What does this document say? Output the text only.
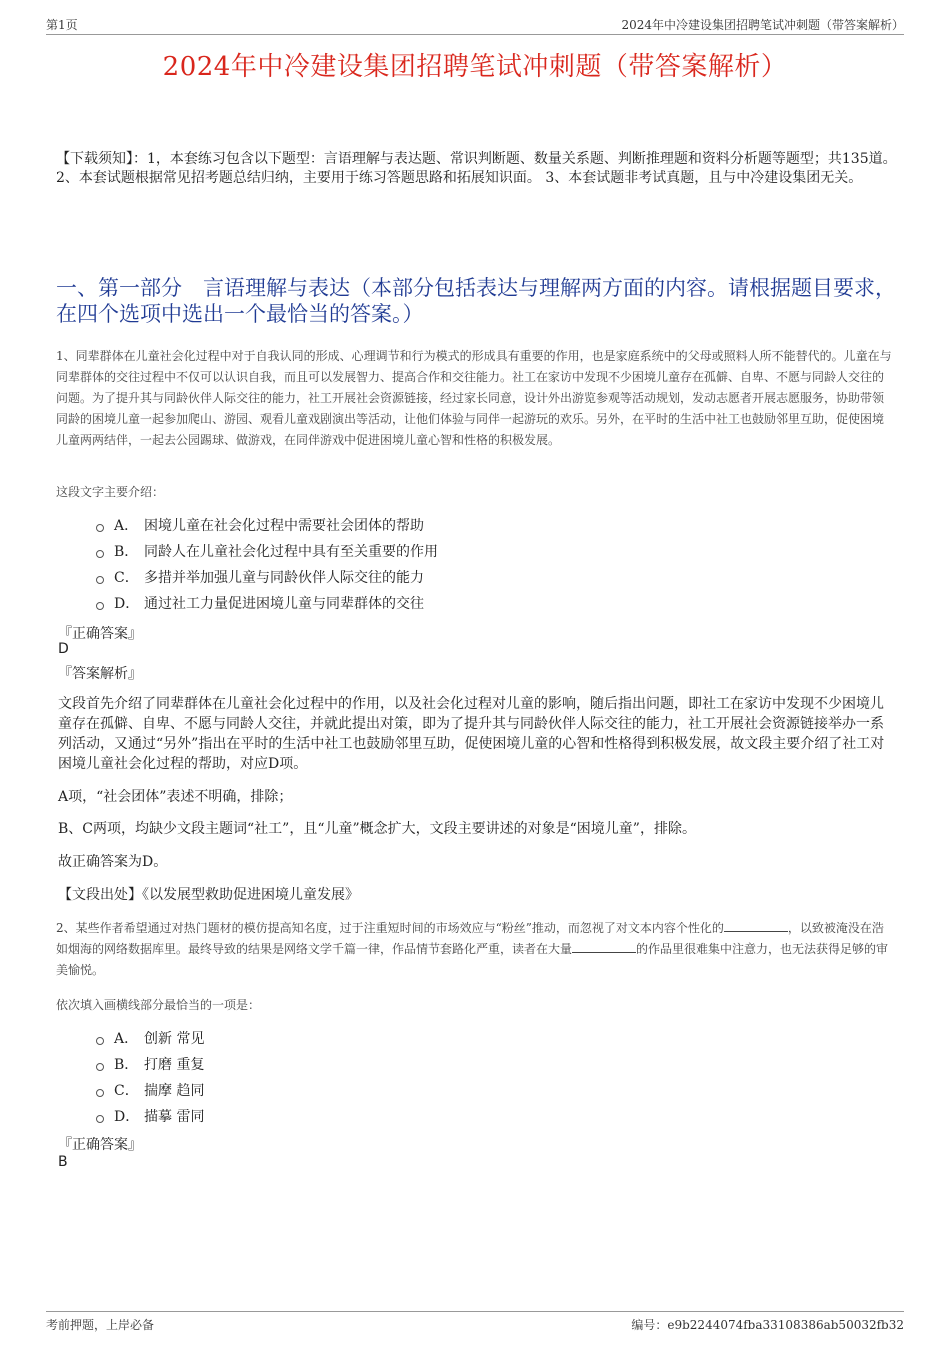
第1页	2024年中冷建设集团招聘笔试冲刺题（带答案解析）
2024年中冷建设集团招聘笔试冲刺题（带答案解析）
【下载须知】：1，本套练习包含以下题型：言语理解与表达题、常识判断题、数量关系题、判断推理题和资料分析题等题型；共135道。 2、本套试题根据常见招考题总结归纳，主要用于练习答题思路和拓展知识面。 3、本套试题非考试真题，且与中冷建设集团无关。
一、第一部分　言语理解与表达（本部分包括表达与理解两方面的内容。请根据题目要求，在四个选项中选出一个最恰当的答案。）
1、同辈群体在儿童社会化过程中对于自我认同的形成、心理调节和行为模式的形成具有重要的作用，也是家庭系统中的父母或照料人所不能替代的。儿童在与同辈群体的交往过程中不仅可以认识自我，而且可以发展智力、提高合作和交往能力。社工在家访中发现不少困境儿童存在孤僻、自卑、不愿与同龄人交往的问题。为了提升其与同龄伙伴人际交往的能力，社工开展社会资源链接，经过家长同意，设计外出游览参观等活动规划，发动志愿者开展志愿服务，协助带领同龄的困境儿童一起参加爬山、游园、观看儿童戏剧演出等活动，让他们体验与同伴一起游玩的欢乐。另外，在平时的生活中社工也鼓励邻里互助，促使困境儿童两两结伴，一起去公园踢球、做游戏，在同伴游戏中促进困境儿童心智和性格的积极发展。
这段文字主要介绍：
A． 困境儿童在社会化过程中需要社会团体的帮助
B． 同龄人在儿童社会化过程中具有至关重要的作用
C． 多措并举加强儿童与同龄伙伴人际交往的能力
D． 通过社工力量促进困境儿童与同辈群体的交往
『正确答案』
D
『答案解析』
文段首先介绍了同辈群体在儿童社会化过程中的作用，以及社会化过程对儿童的影响，随后指出问题，即社工在家访中发现不少困境儿童存在孤僻、自卑、不愿与同龄人交往，并就此提出对策，即为了提升其与同龄伙伴人际交往的能力，社工开展社会资源链接举办一系列活动，又通过“另外”指出在平时的生活中社工也鼓励邻里互助，促使困境儿童的心智和性格得到积极发展，故文段主要介绍了社工对困境儿童社会化过程的帮助，对应D项。
A项，“社会团体”表述不明确，排除；
B、C两项，均缺少文段主题词“社工”，且“儿童”概念扩大，文段主要讲述的对象是“困境儿童”，排除。
故正确答案为D。
【文段出处】《以发展型救助促进困境儿童发展》
2、某些作者希望通过对热门题材的模仿提高知名度，过于注重短时间的市场效应与“粉丝”推动，而忽视了对文本内容个性化的	，以致被淹没在浩如烟海的网络数据库里。最终导致的结果是网络文学千篇一律，作品情节套路化严重，读者在大量	的作品里很难集中注意力，也无法获得足够的审美愉悦。
依次填入画横线部分最恰当的一项是：
A． 创新 常见
B． 打磨 重复
C． 揣摩 趋同
D． 描摹 雷同
『正确答案』
B
考前押题，上岸必备	编号：e9b2244074fba33108386ab50032fb32
